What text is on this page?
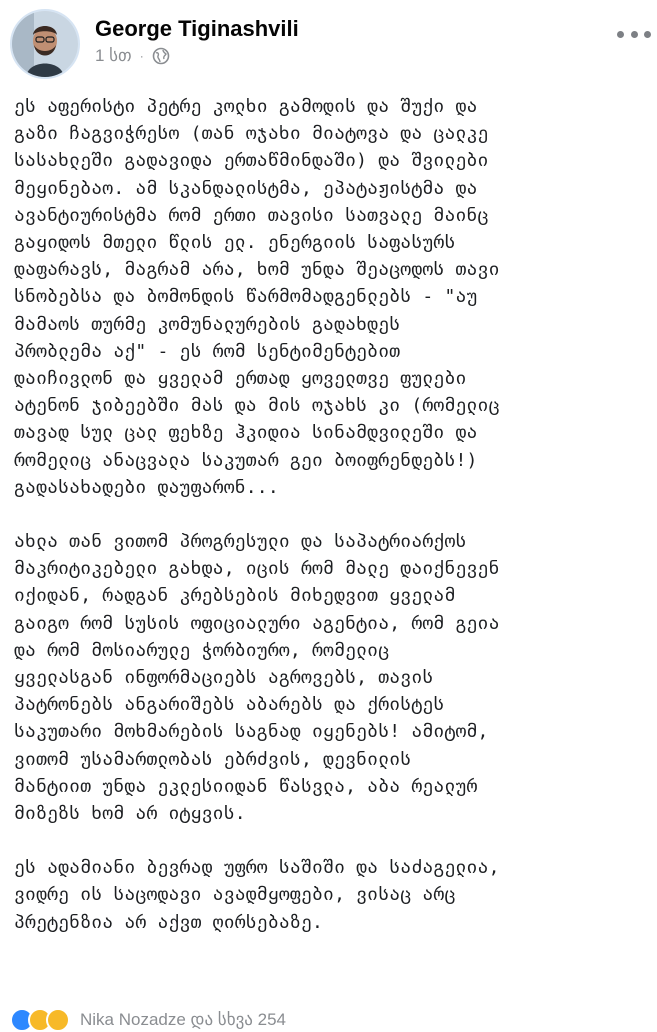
George Tiginashvili
1 სთ ·

ეს აფერისტი პეტრე კოლხი გამოდის და შუქი და
გაზი ჩაგვიჭრესო (თან ოჯახი მიატოვა და ცალკე
სასახლეში გადავიდა ერთაწმინდაში) და შვილები
მეყინებაო. ამ სკანდალისტმა, ეპატაჟისტმა და
ავანტიურისტმა რომ ერთი თავისი სათვალე მაინც
გაყიდოს მთელი წლის ელ. ენერგიის საფასურს
დაფარავს, მაგრამ არა, ხომ უნდა შეაცოდოს თავი
სნობებსა და ბომონდის წარმომადგენლებს - "აუ
მამაოს თურმე კომუნალურების გადახდეს
პრობლემა აქ" - ეს რომ სენტიმენტებით
დაიჩივლონ და ყველამ ერთად ყოველთვე ფულები
ატენონ ჯიბეებში მას და მის ოჯახს კი (რომელიც
თავად სულ ცალ ფეხზე ჰკიდია სინამდვილეში და
რომელიც ანაცვალა საკუთარ გეი ბოიფრენდებს!)
გადასახადები დაუფარონ...

ახლა თან ვითომ პროგრესული და საპატრიარქოს
მაკრიტიკებელი გახდა, იცის რომ მალე დაიქნევენ
იქიდან, რადგან კრებსების მიხედვით ყველამ
გაიგო რომ სუსის ოფიციალური აგენტია, რომ გეია
და რომ მოსიარულე ჭორბიურო, რომელიც
ყველასგან ინფორმაციებს აგროვებს, თავის
პატრონებს ანგარიშებს აბარებს და ქრისტეს
საკუთარი მოხმარების საგნად იყენებს! ამიტომ,
ვითომ უსამართლობას ებრძვის, დევნილის
მანტიით უნდა ეკლესიიდან წასვლა, აბა რეალურ
მიზეზს ხომ არ იტყვის.

ეს ადამიანი ბევრად უფრო საშიში და საძაგელია,
ვიდრე ის საცოდავი ავადმყოფები, ვისაც არც
პრეტენზია არ აქვთ ღირსებაზე.

Nika Nozadze და სხვა 254
